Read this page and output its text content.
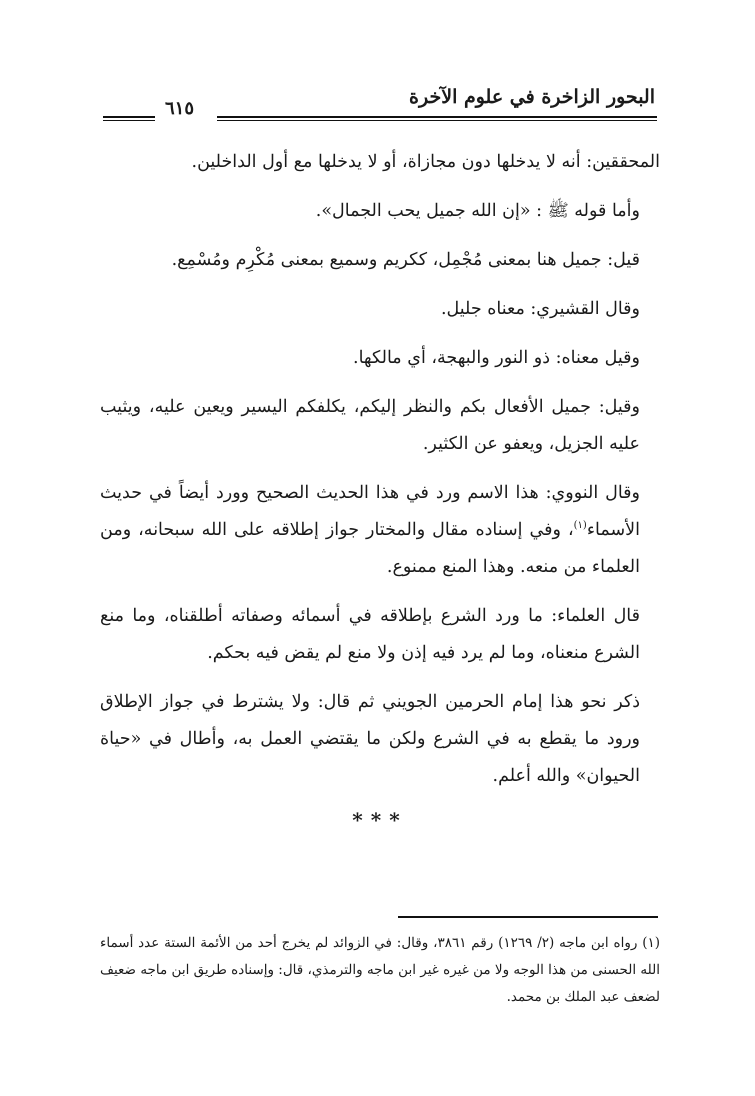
البحور الزاخرة في علوم الآخرة
٦١٥

المحققين: أنه لا يدخلها دون مجازاة، أو لا يدخلها مع أول الداخلين.

وأما قوله ﷺ : «إن الله جميل يحب الجمال».

قيل: جميل هنا بمعنى مُجْمِل، ككريم وسميع بمعنى مُكْرِم ومُسْمِع.

وقال القشيري: معناه جليل.

وقيل معناه: ذو النور والبهجة، أي مالكها.

وقيل: جميل الأفعال بكم والنظر إليكم، يكلفكم اليسير ويعين عليه، ويثيب عليه الجزيل، ويعفو عن الكثير.

وقال النووي: هذا الاسم ورد في هذا الحديث الصحيح وورد أيضاً في حديث الأسماء$^{(١)}$، وفي إسناده مقال والمختار جواز إطلاقه على الله سبحانه، ومن العلماء من منعه. وهذا المنع ممنوع.

قال العلماء: ما ورد الشرع بإطلاقه في أسمائه وصفاته أطلقناه، وما منع الشرع منعناه، وما لم يرد فيه إذن ولا منع لم يقض فيه بحكم.

ذكر نحو هذا إمام الحرمين الجويني ثم قال: ولا يشترط في جواز الإطلاق ورود ما يقطع به في الشرع ولكن ما يقتضي العمل به، وأطال في «حياة الحيوان» والله أعلم.

***

(١) رواه ابن ماجه (٢/ ١٢٦٩) رقم ٣٨٦١، وقال: في الزوائد لم يخرج أحد من الأئمة الستة عدد أسماء الله الحسنى من هذا الوجه ولا من غيره غير ابن ماجه والترمذي، قال: وإسناده طريق ابن ماجه ضعيف لضعف عبد الملك بن محمد.
